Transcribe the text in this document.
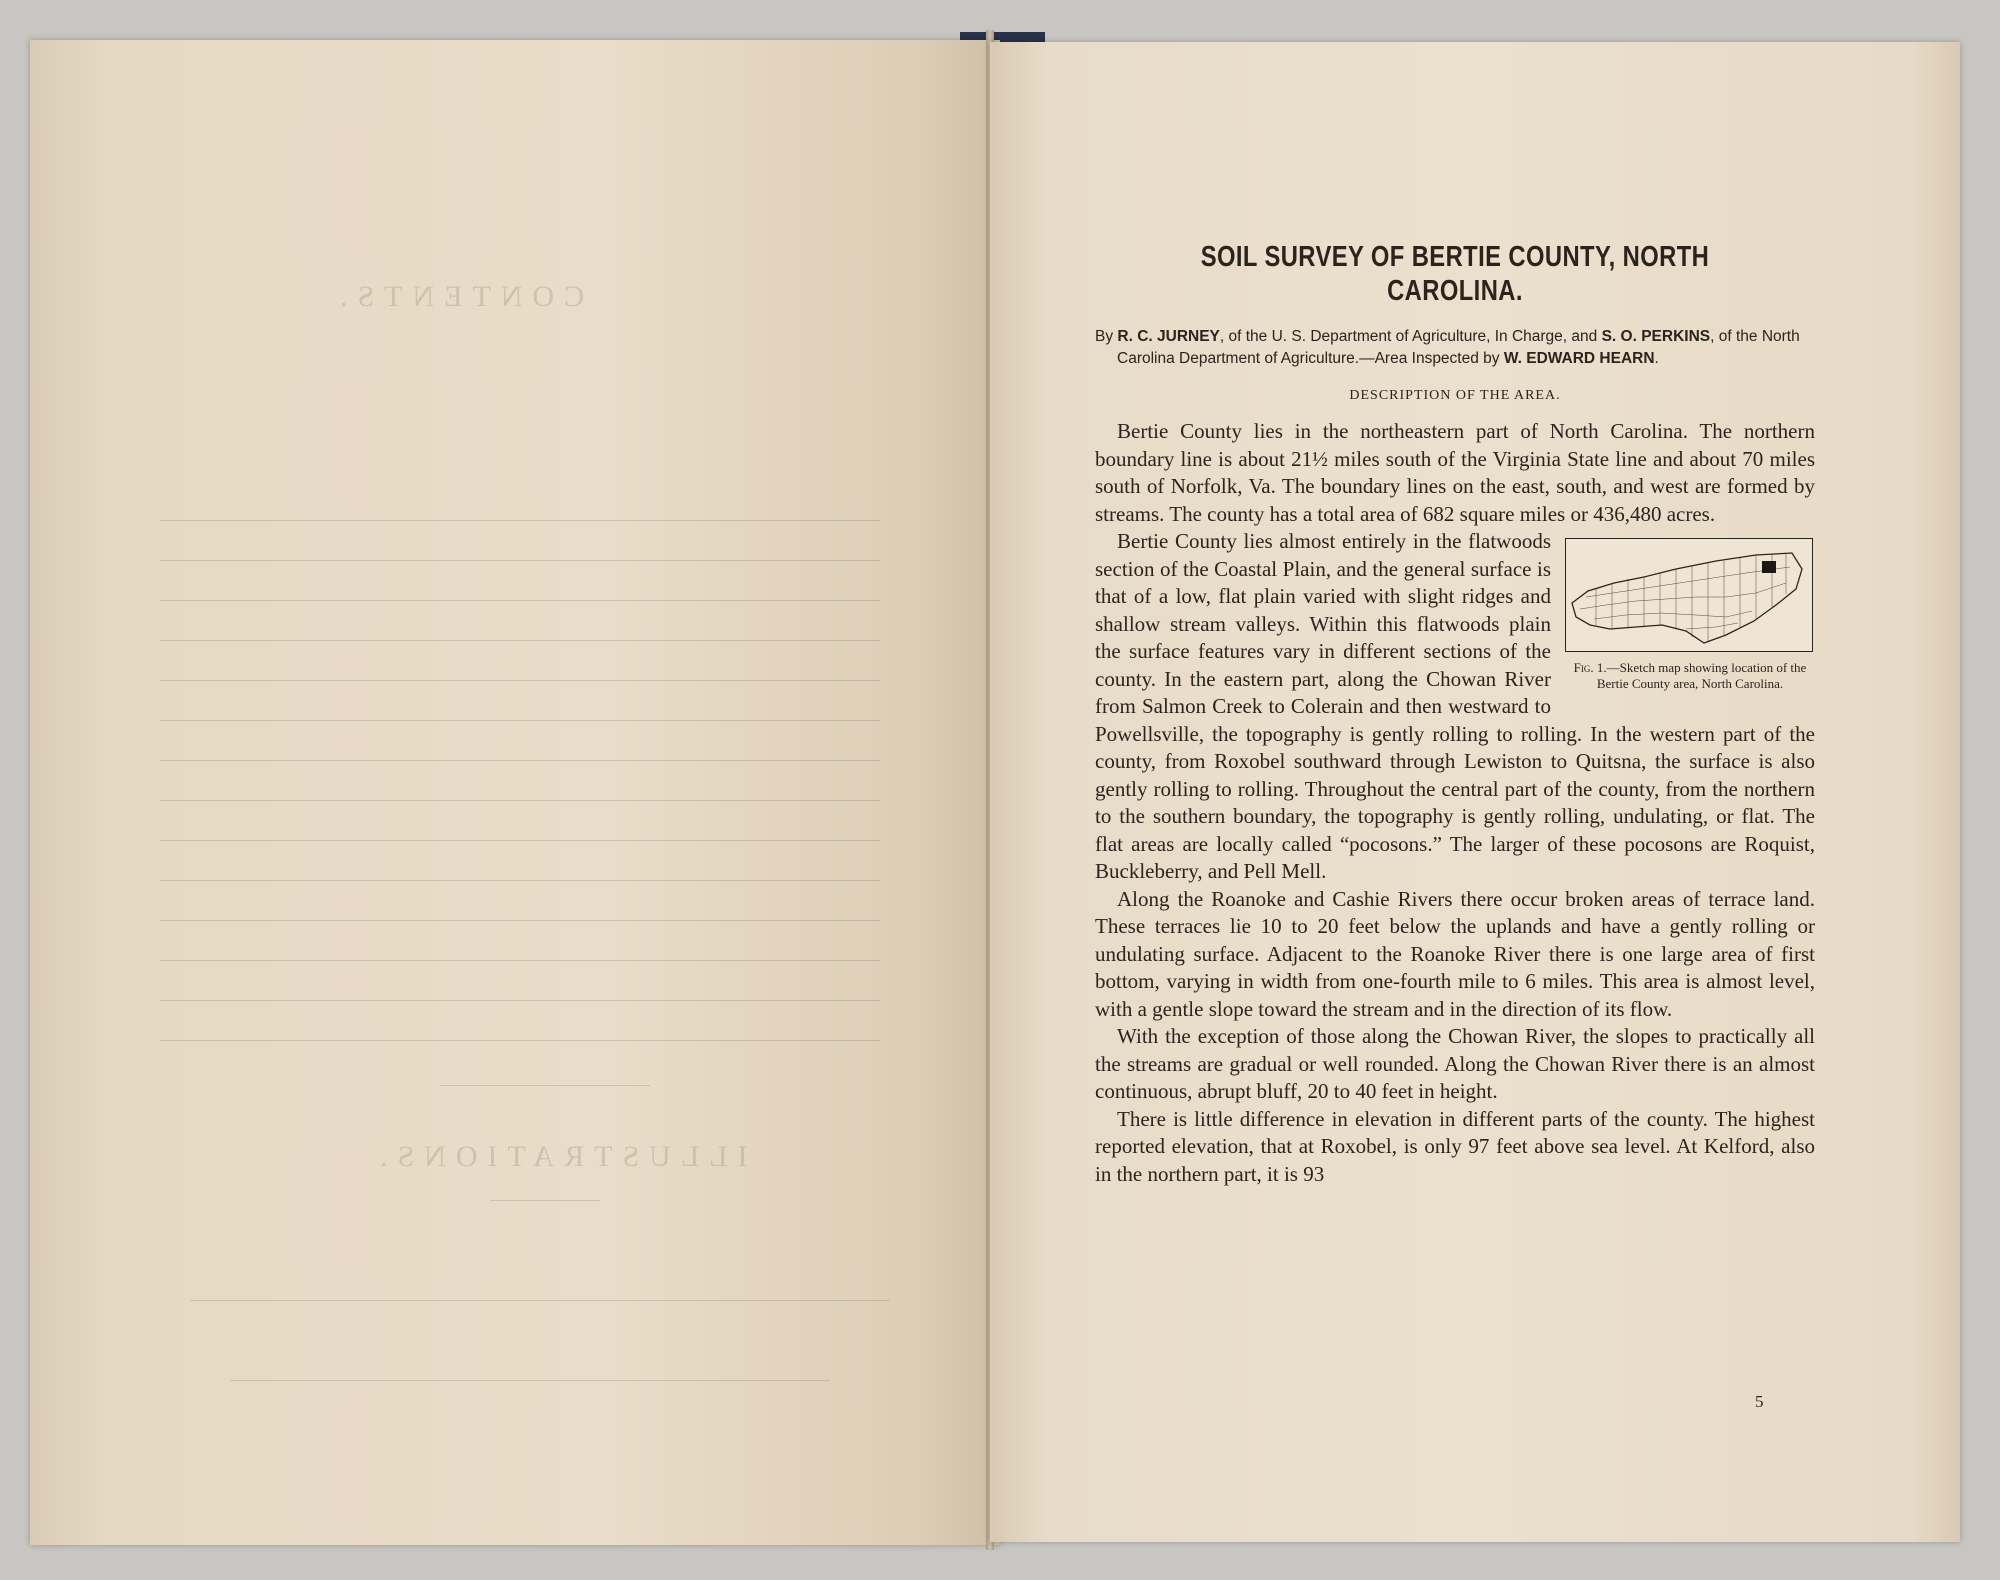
CONTENTS.
ILLUSTRATIONS.
SOIL SURVEY OF BERTIE COUNTY, NORTH CAROLINA.

By R. C. JURNEY, of the U. S. Department of Agriculture, In Charge, and S. O. PERKINS, of the North Carolina Department of Agriculture.—Area Inspected by W. EDWARD HEARN.

DESCRIPTION OF THE AREA.

Bertie County lies in the northeastern part of North Carolina. The northern boundary line is about 21½ miles south of the Virginia State line and about 70 miles south of Norfolk, Va. The boundary lines on the east, south, and west are formed by streams. The county has a total area of 682 square miles or 436,480 acres.

Fig. 1.—Sketch map showing location of the Bertie County area, North Carolina.

Bertie County lies almost entirely in the flatwoods section of the Coastal Plain, and the general surface is that of a low, flat plain varied with slight ridges and shallow stream valleys. Within this flatwoods plain the surface features vary in different sections of the county. In the eastern part, along the Chowan River from Salmon Creek to Colerain and then westward to Powellsville, the topography is gently rolling to rolling. In the western part of the county, from Roxobel southward through Lewiston to Quitsna, the surface is also gently rolling to rolling. Throughout the central part of the county, from the northern to the southern boundary, the topography is gently rolling, undulating, or flat. The flat areas are locally called “pocosons.” The larger of these pocosons are Roquist, Buckleberry, and Pell Mell.

Along the Roanoke and Cashie Rivers there occur broken areas of terrace land. These terraces lie 10 to 20 feet below the uplands and have a gently rolling or undulating surface. Adjacent to the Roanoke River there is one large area of first bottom, varying in width from one-fourth mile to 6 miles. This area is almost level, with a gentle slope toward the stream and in the direction of its flow.

With the exception of those along the Chowan River, the slopes to practically all the streams are gradual or well rounded. Along the Chowan River there is an almost continuous, abrupt bluff, 20 to 40 feet in height.

There is little difference in elevation in different parts of the county. The highest reported elevation, that at Roxobel, is only 97 feet above sea level. At Kelford, also in the northern part, it is 93

5
